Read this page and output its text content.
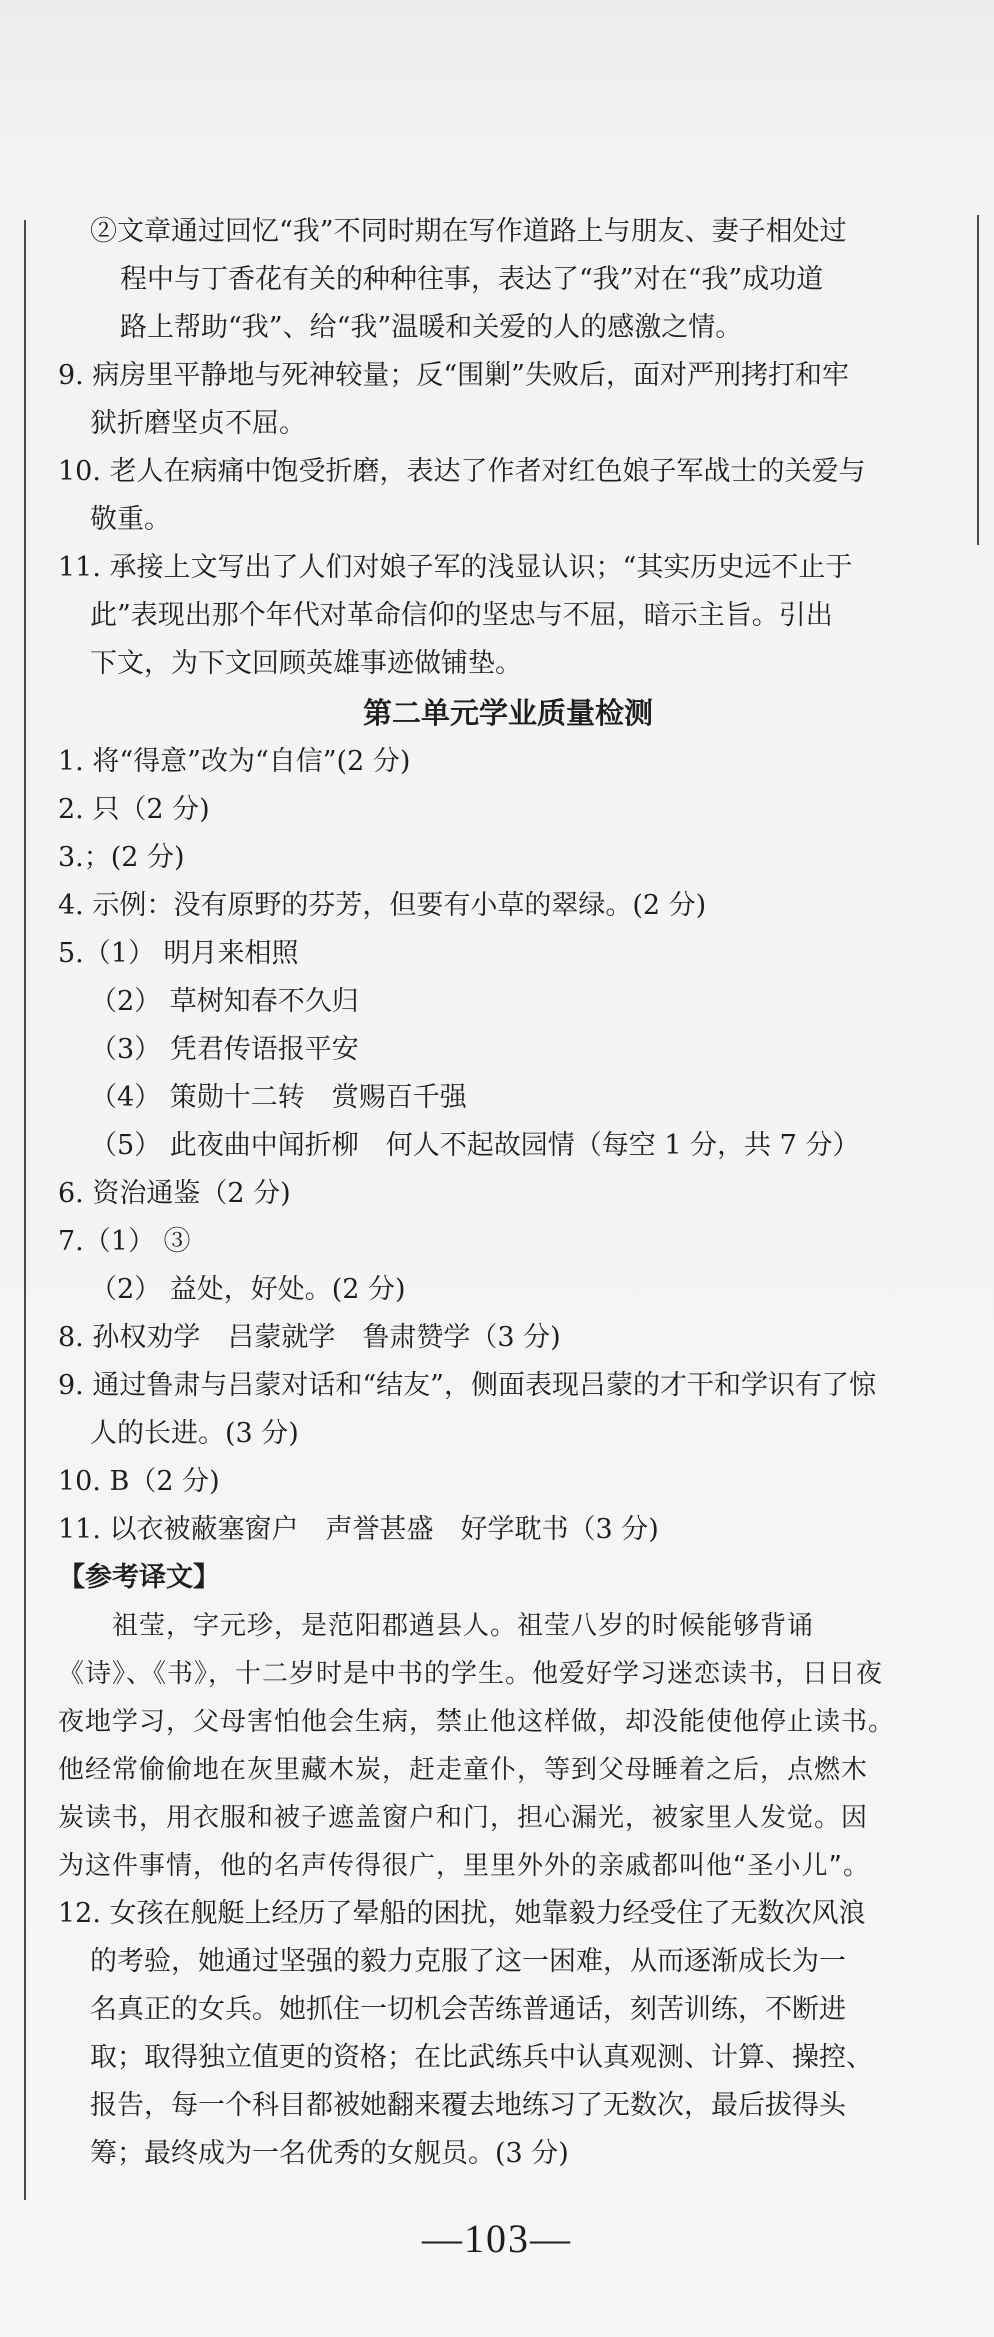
②文章通过回忆“我”不同时期在写作道路上与朋友、妻子相处过
程中与丁香花有关的种种往事，表达了“我”对在“我”成功道
路上帮助“我”、给“我”温暖和关爱的人的感激之情。
9. 病房里平静地与死神较量；反“围剿”失败后，面对严刑拷打和牢
狱折磨坚贞不屈。
10. 老人在病痛中饱受折磨，表达了作者对红色娘子军战士的关爱与
敬重。
11. 承接上文写出了人们对娘子军的浅显认识；“其实历史远不止于
此”表现出那个年代对革命信仰的坚忠与不屈，暗示主旨。引出
下文，为下文回顾英雄事迹做铺垫。
第二单元学业质量检测
1. 将“得意”改为“自信”(2 分)
2. 只（2 分)
3.；(2 分)
4. 示例：没有原野的芬芳，但要有小草的翠绿。(2 分)
5.（1） 明月来相照
（2） 草树知春不久归
（3） 凭君传语报平安
（4） 策勋十二转　赏赐百千强
（5） 此夜曲中闻折柳　何人不起故园情（每空 1 分，共 7 分）
6. 资治通鉴（2 分)
7.（1） ③
（2） 益处，好处。(2 分)
8. 孙权劝学　吕蒙就学　鲁肃赞学（3 分)
9. 通过鲁肃与吕蒙对话和“结友”，侧面表现吕蒙的才干和学识有了惊
人的长进。(3 分)
10. B（2 分)
11. 以衣被蔽塞窗户　声誉甚盛　好学耽书（3 分)
【参考译文】
祖莹，字元珍，是范阳郡遒县人。祖莹八岁的时候能够背诵
《诗》、《书》，十二岁时是中书的学生。他爱好学习迷恋读书，日日夜
夜地学习，父母害怕他会生病，禁止他这样做，却没能使他停止读书。
他经常偷偷地在灰里藏木炭，赶走童仆，等到父母睡着之后，点燃木
炭读书，用衣服和被子遮盖窗户和门，担心漏光，被家里人发觉。因
为这件事情，他的名声传得很广，里里外外的亲戚都叫他“圣小儿”。
12. 女孩在舰艇上经历了晕船的困扰，她靠毅力经受住了无数次风浪
的考验，她通过坚强的毅力克服了这一困难，从而逐渐成长为一
名真正的女兵。她抓住一切机会苦练普通话，刻苦训练，不断进
取；取得独立值更的资格；在比武练兵中认真观测、计算、操控、
报告，每一个科目都被她翻来覆去地练习了无数次，最后拔得头
筹；最终成为一名优秀的女舰员。(3 分)
—103—
